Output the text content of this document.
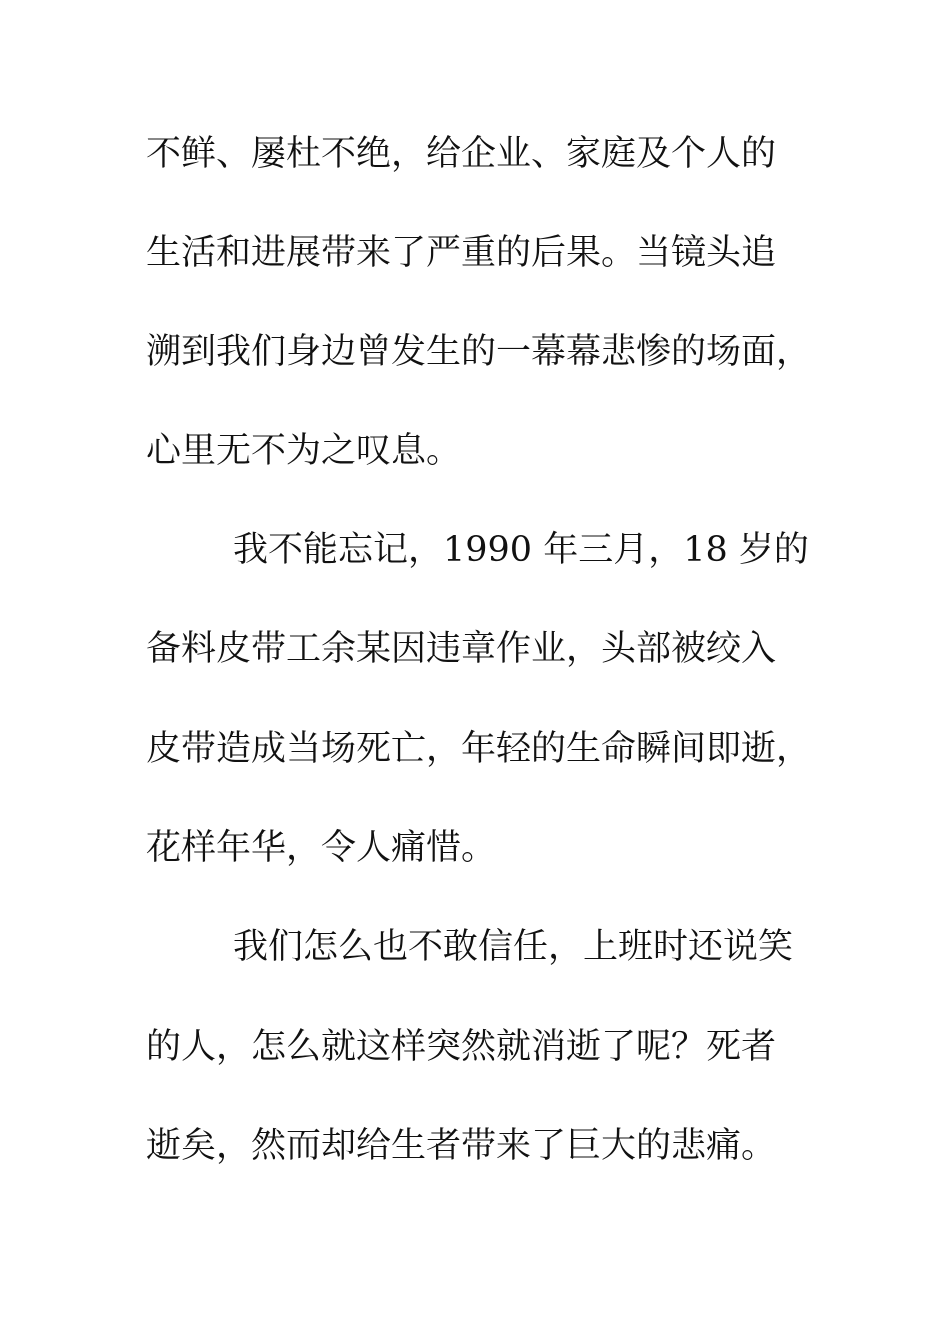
不鲜、屡杜不绝，给企业、家庭及个人的
生活和进展带来了严重的后果。当镜头追
溯到我们身边曾发生的一幕幕悲惨的场面，
心里无不为之叹息。
我不能忘记，1990 年三月，18 岁的
备料皮带工余某因违章作业，头部被绞入
皮带造成当场死亡，年轻的生命瞬间即逝，
花样年华，令人痛惜。
我们怎么也不敢信任，上班时还说笑
的人，怎么就这样突然就消逝了呢？死者
逝矣，然而却给生者带来了巨大的悲痛。
